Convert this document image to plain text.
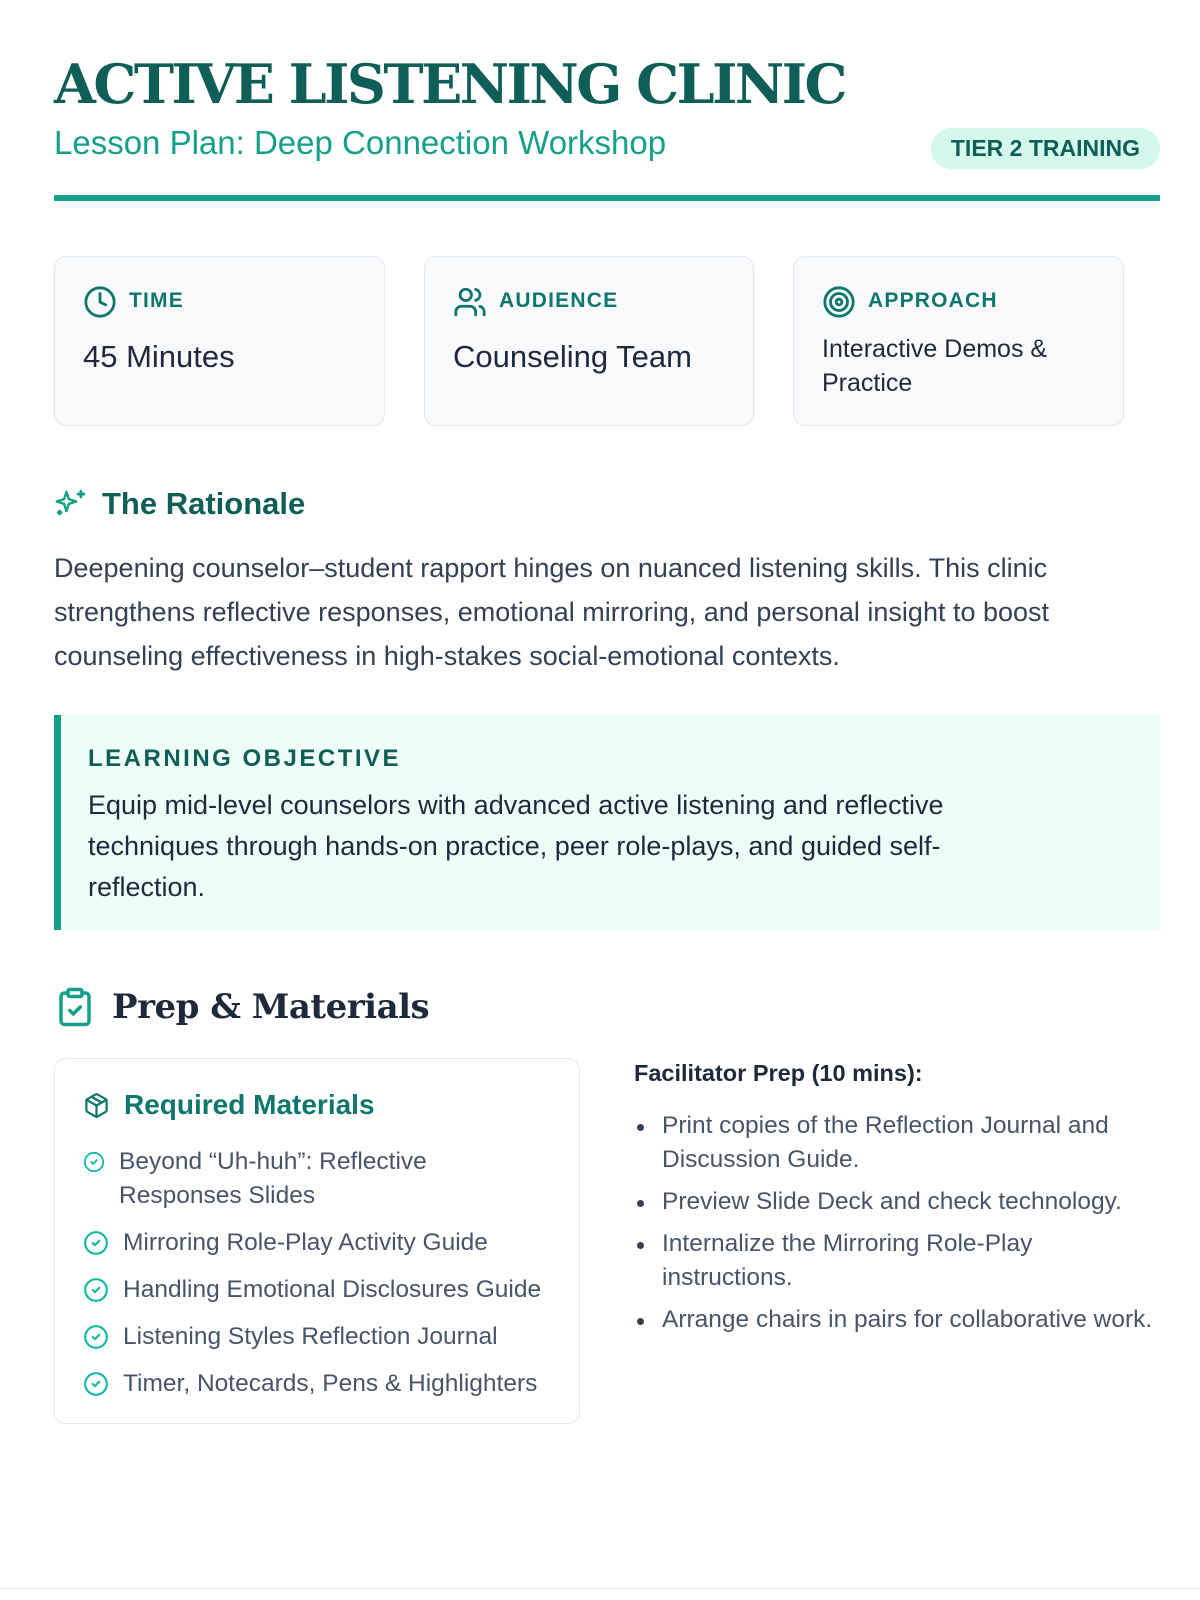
ACTIVE LISTENING CLINIC
Lesson Plan: Deep Connection Workshop	TIER 2 TRAINING
TIME
45 Minutes
AUDIENCE
Counseling Team
APPROACH
Interactive Demos & Practice
The Rationale

Deepening counselor–student rapport hinges on nuanced listening skills. This clinic strengthens reflective responses, emotional mirroring, and personal insight to boost counseling effectiveness in high-stakes social-emotional contexts.

LEARNING OBJECTIVE
Equip mid-level counselors with advanced active listening and reflective techniques through hands-on practice, peer role-plays, and guided self-reflection.
Prep & Materials
Required Materials
Beyond “Uh-huh”: Reflective Responses Slides
Mirroring Role-Play Activity Guide
Handling Emotional Disclosures Guide
Listening Styles Reflection Journal
Timer, Notecards, Pens & Highlighters
Facilitator Prep (10 mins):
Print copies of the Reflection Journal and Discussion Guide.
Preview Slide Deck and check technology.
Internalize the Mirroring Role-Play instructions.
Arrange chairs in pairs for collaborative work.
